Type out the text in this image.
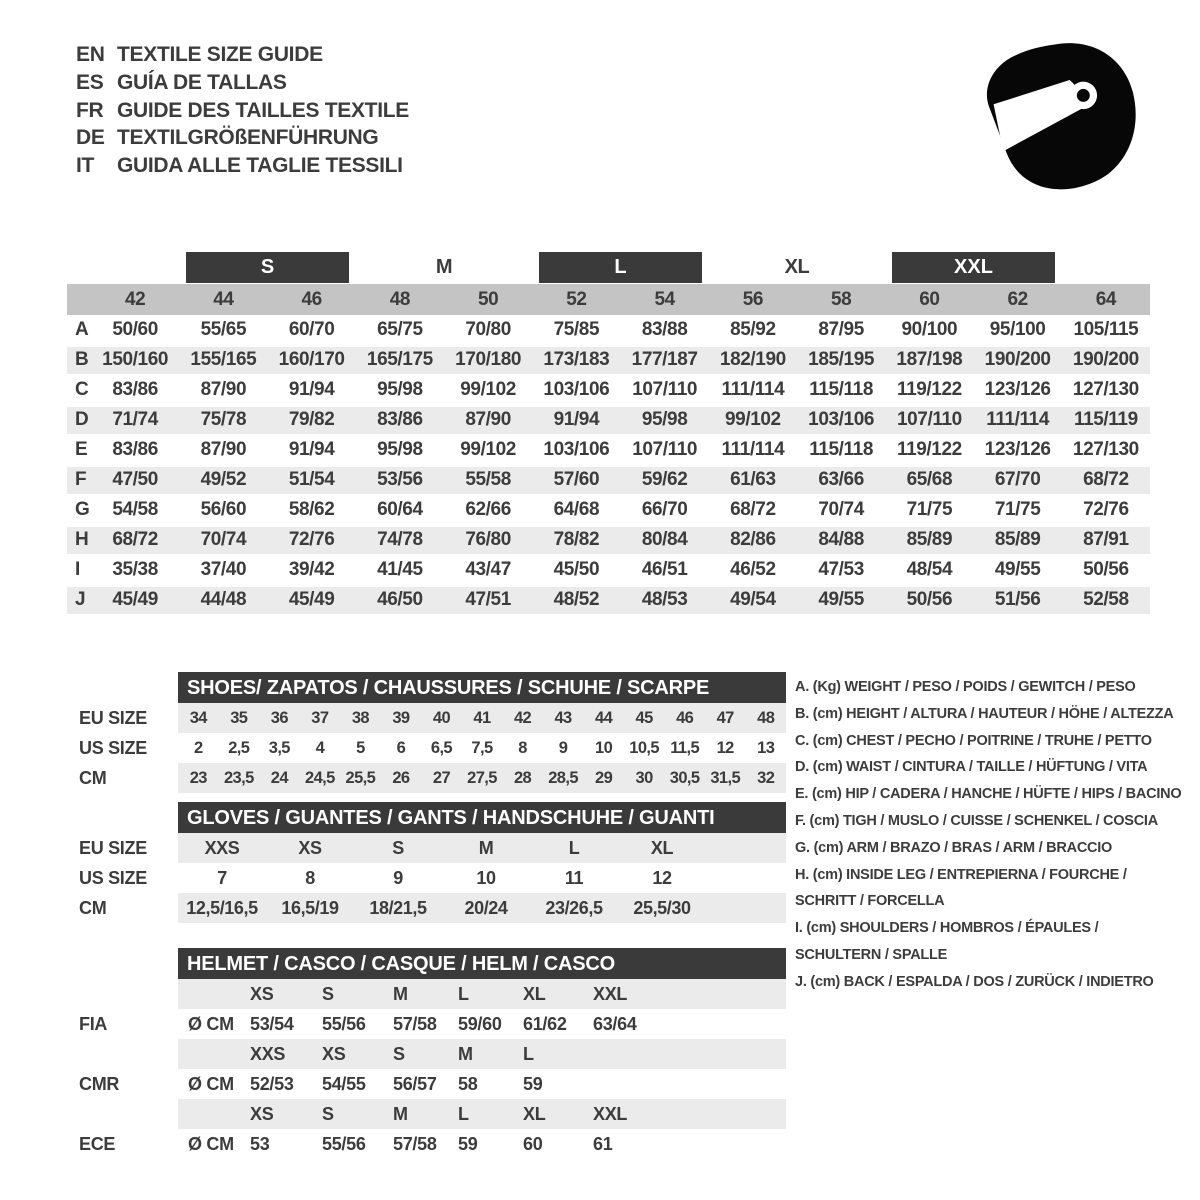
EN TEXTILE SIZE GUIDE
ES GUÍA DE TALLAS
FR GUIDE DES TAILLES TEXTILE
DE TEXTILGRÖßENFÜHRUNG
IT	GUIDA ALLE TAGLIE TESSILI

		S		M		L		XL		XXL		

	42	44	46	48	50	52	54	56	58	60	62	64
A	50/60	55/65	60/70	65/75	70/80	75/85	83/88	85/92	87/95	90/100	95/100	105/115
B	150/160	155/165	160/170	165/175	170/180	173/183	177/187	182/190	185/195	187/198	190/200	190/200
C	83/86	87/90	91/94	95/98	99/102	103/106	107/110	111/114	115/118	119/122	123/126	127/130
D	71/74	75/78	79/82	83/86	87/90	91/94	95/98	99/102	103/106	107/110	111/114	115/119
E	83/86	87/90	91/94	95/98	99/102	103/106	107/110	111/114	115/118	119/122	123/126	127/130
F	47/50	49/52	51/54	53/56	55/58	57/60	59/62	61/63	63/66	65/68	67/70	68/72
G	54/58	56/60	58/62	60/64	62/66	64/68	66/70	68/72	70/74	71/75	71/75	72/76
H	68/72	70/74	72/76	74/78	76/80	78/82	80/84	82/86	84/88	85/89	85/89	87/91
I	35/38	37/40	39/42	41/45	43/47	45/50	46/51	46/52	47/53	48/54	49/55	50/56
J	45/49	44/48	45/49	46/50	47/51	48/52	48/53	49/54	49/55	50/56	51/56	52/58
SHOES/ ZAPATOS / CHAUSSURES / SCHUHE / SCARPE
EU SIZE	34	35	36	37	38	39	40	41	42	43	44	45	46	47	48
US SIZE	2	2,5	3,5	4	5	6	6,5	7,5	8	9	10	10,5 11,5	12	13
CM	23	23,5	24	24,5 25,5	26	27	27,5	28	28,5	29	30	30,5 31,5	32
GLOVES / GUANTES / GANTS / HANDSCHUHE / GUANTI
EU SIZE	XXS	XS	S	M	L	XL
US SIZE	7	8	9	10	11	12
CM	12,5/16,5	16,5/19	18/21,5	20/24	23/26,5	25,5/30
HELMET / CASCO / CASQUE / HELM / CASCO
XS	S	M	L	XL	XXL
FIA	Ø CM 53/54	55/56	57/58	59/60	61/62	63/64
XXS	XS	S	M	L
CMR	Ø CM 52/53	54/55	56/57	58	59
XS	S	M	L	XL	XXL
ECE	Ø CM 53	55/56	57/58	59	60	61
A. (Kg) WEIGHT / PESO / POIDS / GEWITCH / PESO
B. (cm) HEIGHT / ALTURA / HAUTEUR / HÖHE / ALTEZZA
C. (cm) CHEST / PECHO / POITRINE / TRUHE / PETTO
D. (cm) WAIST / CINTURA / TAILLE / HÜFTUNG / VITA
E. (cm) HIP / CADERA / HANCHE / HÜFTE / HIPS / BACINO
F. (cm) TIGH / MUSLO / CUISSE / SCHENKEL / COSCIA
G. (cm) ARM / BRAZO / BRAS / ARM / BRACCIO
H. (cm) INSIDE LEG / ENTREPIERNA / FOURCHE /
SCHRITT / FORCELLA
I. (cm) SHOULDERS / HOMBROS / ÉPAULES /
SCHULTERN / SPALLE
J. (cm) BACK / ESPALDA / DOS / ZURÜCK / INDIETRO
